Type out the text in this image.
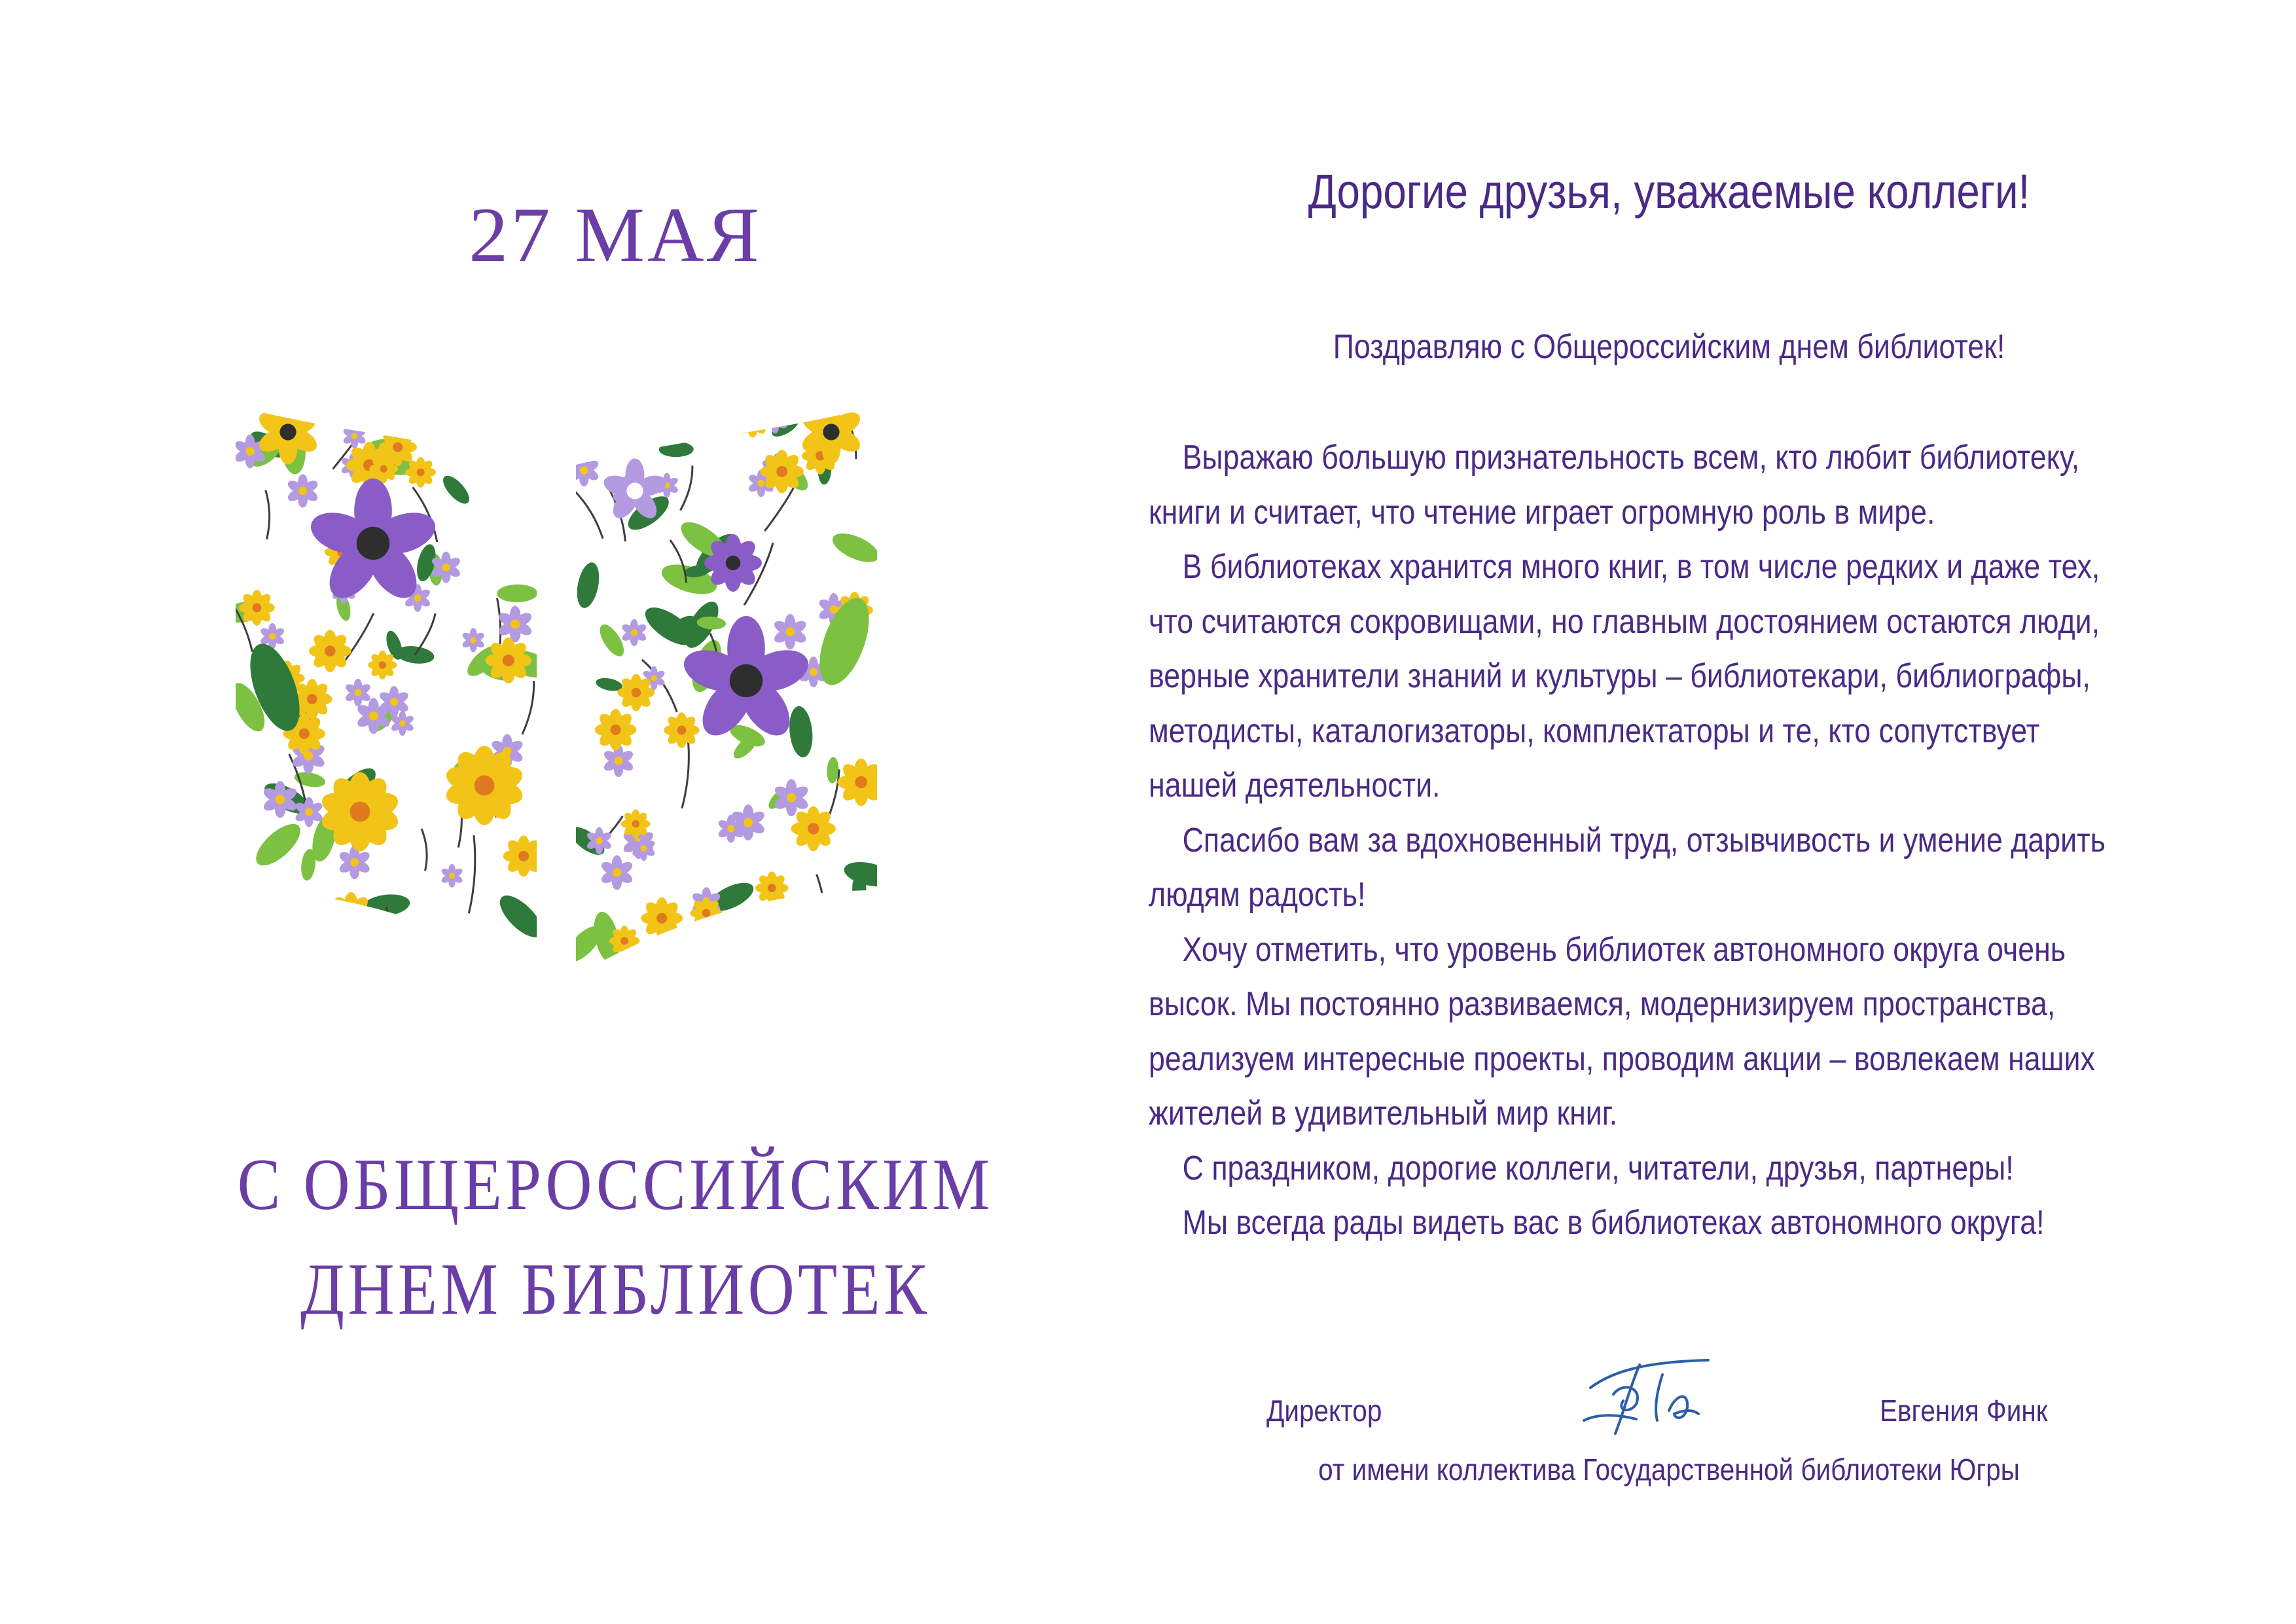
27 МАЯ
С ОБЩЕРОССИЙСКИМ
ДНЕМ БИБЛИОТЕК
Дорогие друзья, уважаемые коллеги!
Поздравляю с Общероссийским днем библиотек!
Выражаю большую признательность всем, кто любит библиотеку,
книги и считает, что чтение играет огромную роль в мире.
В библиотеках хранится много книг, в том числе редких и даже тех,
что считаются сокровищами, но главным достоянием остаются люди,
верные хранители знаний и культуры – библиотекари, библиографы,
методисты, каталогизаторы, комплектаторы и те, кто сопутствует
нашей деятельности.
Спасибо вам за вдохновенный труд, отзывчивость и умение дарить
людям радость!
Хочу отметить, что уровень библиотек автономного округа очень
высок. Мы постоянно развиваемся, модернизируем пространства,
реализуем интересные проекты, проводим акции – вовлекаем наших
жителей в удивительный мир книг.
С праздником, дорогие коллеги, читатели, друзья, партнеры!
Мы всегда рады видеть вас в библиотеках автономного округа!
Директор	Евгения Финк
от имени коллектива Государственной библиотеки Югры
